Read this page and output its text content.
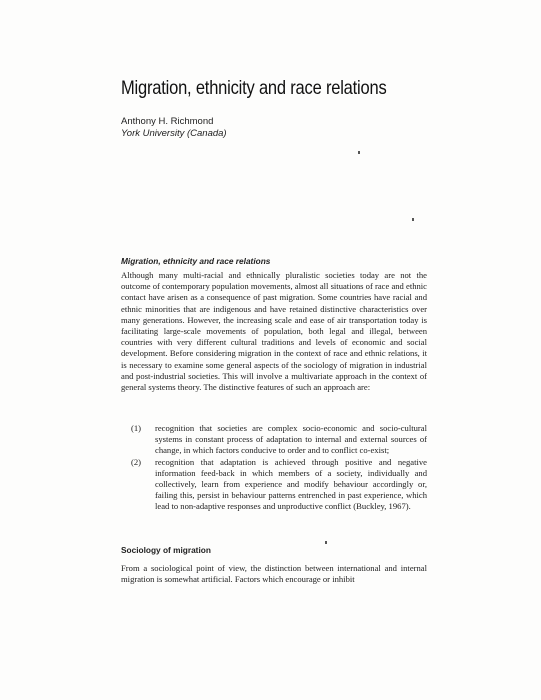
Migration, ethnicity and race relations
Anthony H. Richmond
York University (Canada)
Migration, ethnicity and race relations

Although many multi-racial and ethnically pluralistic societies today are not the outcome of contemporary population movements, almost all situations of race and ethnic contact have arisen as a consequence of past migration. Some countries have racial and ethnic minorities that are indigenous and have retained distinctive characteristics over many generations. However, the increasing scale and ease of air transportation today is facilitating large-scale movements of population, both legal and illegal, between countries with very different cultural traditions and levels of economic and social development. Before considering migration in the context of race and ethnic relations, it is necessary to examine some general aspects of the sociology of migration in industrial and post-industrial societies. This will involve a multivariate approach in the context of general systems theory. The distinctive features of such an approach are:

(1) recognition that societies are complex socio-economic and socio-cultural systems in constant process of adaptation to internal and external sources of change, in which factors conducive to order and to conflict co-exist;
(2) recognition that adaptation is achieved through positive and negative information feed-back in which members of a society, individually and collectively, learn from experience and modify behaviour accordingly or, failing this, persist in behaviour patterns entrenched in past experience, which lead to non-adaptive responses and unproductive conflict (Buckley, 1967).
Sociology of migration

From a sociological point of view, the distinction between international and internal migration is somewhat artificial. Factors which encourage or inhibit
